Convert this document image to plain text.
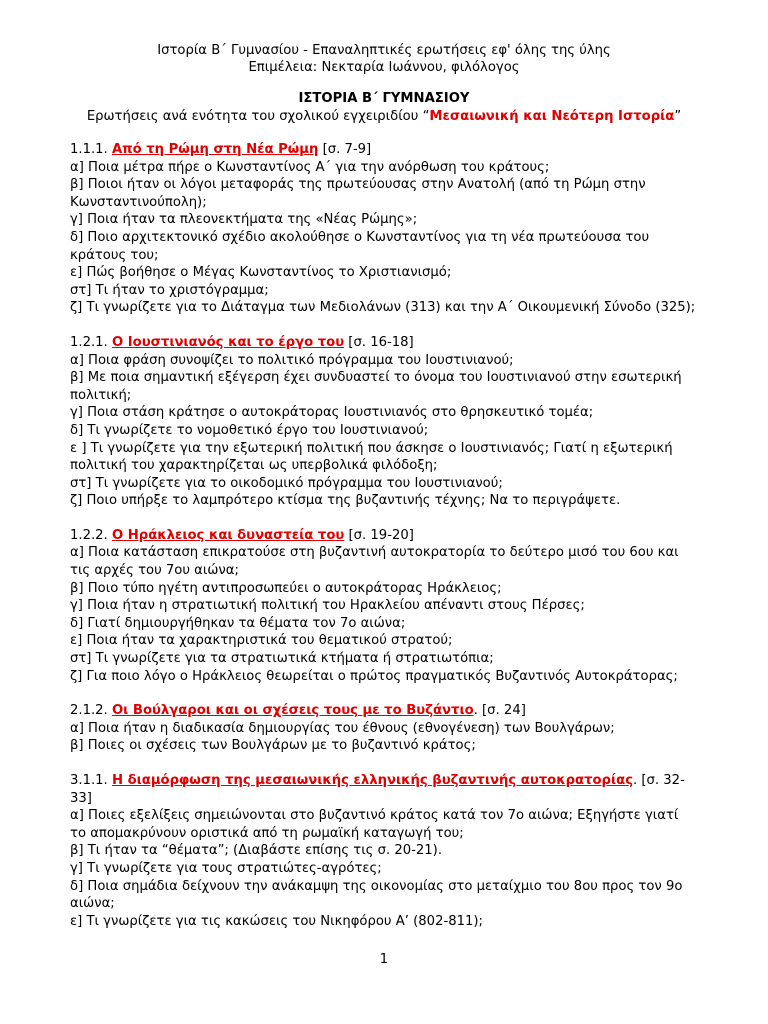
Ιστορία Β΄ Γυμνασίου - Επαναληπτικές ερωτήσεις εφ' όλης της ύλης
Επιμέλεια: Νεκταρία Ιωάννου, φιλόλογος
ΙΣΤΟΡΙΑ Β΄ ΓΥΜΝΑΣΙΟΥ
Ερωτήσεις ανά ενότητα του σχολικού εγχειριδίου “Μεσαιωνική και Νεότερη Ιστορία”

1.1.1. Από τη Ρώμη στη Νέα Ρώμη [σ. 7-9]

α] Ποια μέτρα πήρε ο Κωνσταντίνος Α΄ για την ανόρθωση του κράτους;

β] Ποιοι ήταν οι λόγοι μεταφοράς της πρωτεύουσας στην Ανατολή (από τη Ρώμη στην Κωνσταντινούπολη);

γ] Ποια ήταν τα πλεονεκτήματα της «Νέας Ρώμης»;

δ] Ποιο αρχιτεκτονικό σχέδιο ακολούθησε ο Κωνσταντίνος για τη νέα πρωτεύουσα του κράτους του;

ε] Πώς βοήθησε ο Μέγας Κωνσταντίνος το Χριστιανισμό;

στ] Τι ήταν το χριστόγραμμα;

ζ] Τι γνωρίζετε για το Διάταγμα των Μεδιολάνων (313) και την Α΄ Οικουμενική Σύνοδο (325);

1.2.1. Ο Ιουστινιανός και το έργο του [σ. 16-18]

α] Ποια φράση συνοψίζει το πολιτικό πρόγραμμα του Ιουστινιανού;

β] Με ποια σημαντική εξέγερση έχει συνδυαστεί το όνομα του Ιουστινιανού στην εσωτερική πολιτική;

γ] Ποια στάση κράτησε ο αυτοκράτορας Ιουστινιανός στο θρησκευτικό τομέα;

δ] Τι γνωρίζετε το νομοθετικό έργο του Ιουστινιανού;

ε ] Τι γνωρίζετε για την εξωτερική πολιτική που άσκησε ο Ιουστινιανός; Γιατί η εξωτερική πολιτική του χαρακτηρίζεται ως υπερβολικά φιλόδοξη;

στ] Τι γνωρίζετε για το οικοδομικό πρόγραμμα του Ιουστινιανού;

ζ] Ποιο υπήρξε το λαμπρότερο κτίσμα της βυζαντινής τέχνης; Να το περιγράψετε.

1.2.2. Ο Ηράκλειος και δυναστεία του [σ. 19-20]

α] Ποια κατάσταση επικρατούσε στη βυζαντινή αυτοκρατορία το δεύτερο μισό του 6ου και τις αρχές του 7ου αιώνα;

β] Ποιο τύπο ηγέτη αντιπροσωπεύει ο αυτοκράτορας Ηράκλειος;

γ] Ποια ήταν η στρατιωτική πολιτική του Ηρακλείου απέναντι στους Πέρσες;

δ] Γιατί δημιουργήθηκαν τα θέματα τον 7ο αιώνα;

ε] Ποια ήταν τα χαρακτηριστικά του θεματικού στρατού;

στ] Τι γνωρίζετε για τα στρατιωτικά κτήματα ή στρατιωτόπια;

ζ] Για ποιο λόγο ο Ηράκλειος θεωρείται ο πρώτος πραγματικός Βυζαντινός Αυτοκράτορας;

2.1.2. Οι Βούλγαροι και οι σχέσεις τους με το Βυζάντιο. [σ. 24]

α] Ποια ήταν η διαδικασία δημιουργίας του έθνους (εθνογένεση) των Βουλγάρων;

β] Ποιες οι σχέσεις των Βουλγάρων με το βυζαντινό κράτος;

3.1.1. Η διαμόρφωση της μεσαιωνικής ελληνικής βυζαντινής αυτοκρατορίας. [σ. 32-33]

α] Ποιες εξελίξεις σημειώνονται στο βυζαντινό κράτος κατά τον 7ο αιώνα; Εξηγήστε γιατί το απομακρύνουν οριστικά από τη ρωμαϊκή καταγωγή του;

β] Τι ήταν τα “θέματα”; (Διαβάστε επίσης τις σ. 20-21).

γ] Τι γνωρίζετε για τους στρατιώτες-αγρότες;

δ] Ποια σημάδια δείχνουν την ανάκαμψη της οικονομίας στο μεταίχμιο του 8ου προς τον 9ο αιώνα;

ε] Τι γνωρίζετε για τις κακώσεις του Νικηφόρου Α’ (802-811);

1
